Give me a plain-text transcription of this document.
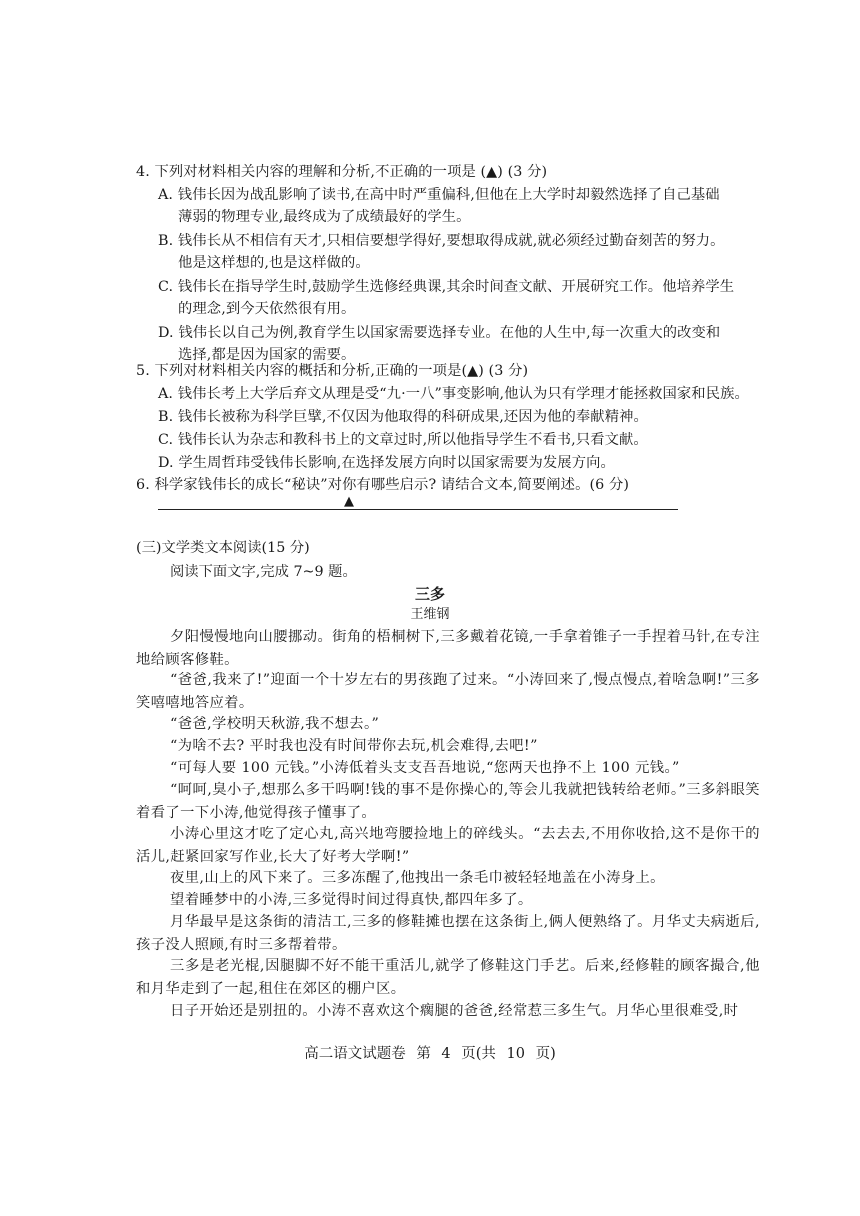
4. 下列对材料相关内容的理解和分析,不正确的一项是 (▲) (3 分)
A. 钱伟长因为战乱影响了读书,在高中时严重偏科,但他在上大学时却毅然选择了自己基础
薄弱的物理专业,最终成为了成绩最好的学生。
B. 钱伟长从不相信有天才,只相信要想学得好,要想取得成就,就必须经过勤奋刻苦的努力。
他是这样想的,也是这样做的。
C. 钱伟长在指导学生时,鼓励学生选修经典课,其余时间查文献、开展研究工作。他培养学生
的理念,到今天依然很有用。
D. 钱伟长以自己为例,教育学生以国家需要选择专业。在他的人生中,每一次重大的改变和
选择,都是因为国家的需要。
5. 下列对材料相关内容的概括和分析,正确的一项是(▲) (3 分)
A. 钱伟长考上大学后弃文从理是受“九·一八”事变影响,他认为只有学理才能拯救国家和民族。
B. 钱伟长被称为科学巨擘,不仅因为他取得的科研成果,还因为他的奉献精神。
C. 钱伟长认为杂志和教科书上的文章过时,所以他指导学生不看书,只看文献。
D. 学生周哲玮受钱伟长影响,在选择发展方向时以国家需要为发展方向。
6. 科学家钱伟长的成长“秘诀”对你有哪些启示? 请结合文本,简要阐述。(6 分)
▲
(三)文学类文本阅读(15 分)
阅读下面文字,完成 7~9 题。
三多
王维钢
夕阳慢慢地向山腰挪动。街角的梧桐树下,三多戴着花镜,一手拿着锥子一手捏着马针,在专注地给顾客修鞋。
“爸爸,我来了!”迎面一个十岁左右的男孩跑了过来。“小涛回来了,慢点慢点,着啥急啊!”三多笑嘻嘻地答应着。
“爸爸,学校明天秋游,我不想去。”
“为啥不去? 平时我也没有时间带你去玩,机会难得,去吧!”
“可每人要 100 元钱。”小涛低着头支支吾吾地说,“您两天也挣不上 100 元钱。”
“呵呵,臭小子,想那么多干吗啊!钱的事不是你操心的,等会儿我就把钱转给老师。”三多斜眼笑着看了一下小涛,他觉得孩子懂事了。
小涛心里这才吃了定心丸,高兴地弯腰捡地上的碎线头。“去去去,不用你收拾,这不是你干的活儿,赶紧回家写作业,长大了好考大学啊!”
夜里,山上的风下来了。三多冻醒了,他拽出一条毛巾被轻轻地盖在小涛身上。
望着睡梦中的小涛,三多觉得时间过得真快,都四年多了。
月华最早是这条街的清洁工,三多的修鞋摊也摆在这条街上,俩人便熟络了。月华丈夫病逝后,孩子没人照顾,有时三多帮着带。
三多是老光棍,因腿脚不好不能干重活儿,就学了修鞋这门手艺。后来,经修鞋的顾客撮合,他和月华走到了一起,租住在郊区的棚户区。
日子开始还是别扭的。小涛不喜欢这个瘸腿的爸爸,经常惹三多生气。月华心里很难受,时
高二语文试题卷 第 4 页(共 10 页)
